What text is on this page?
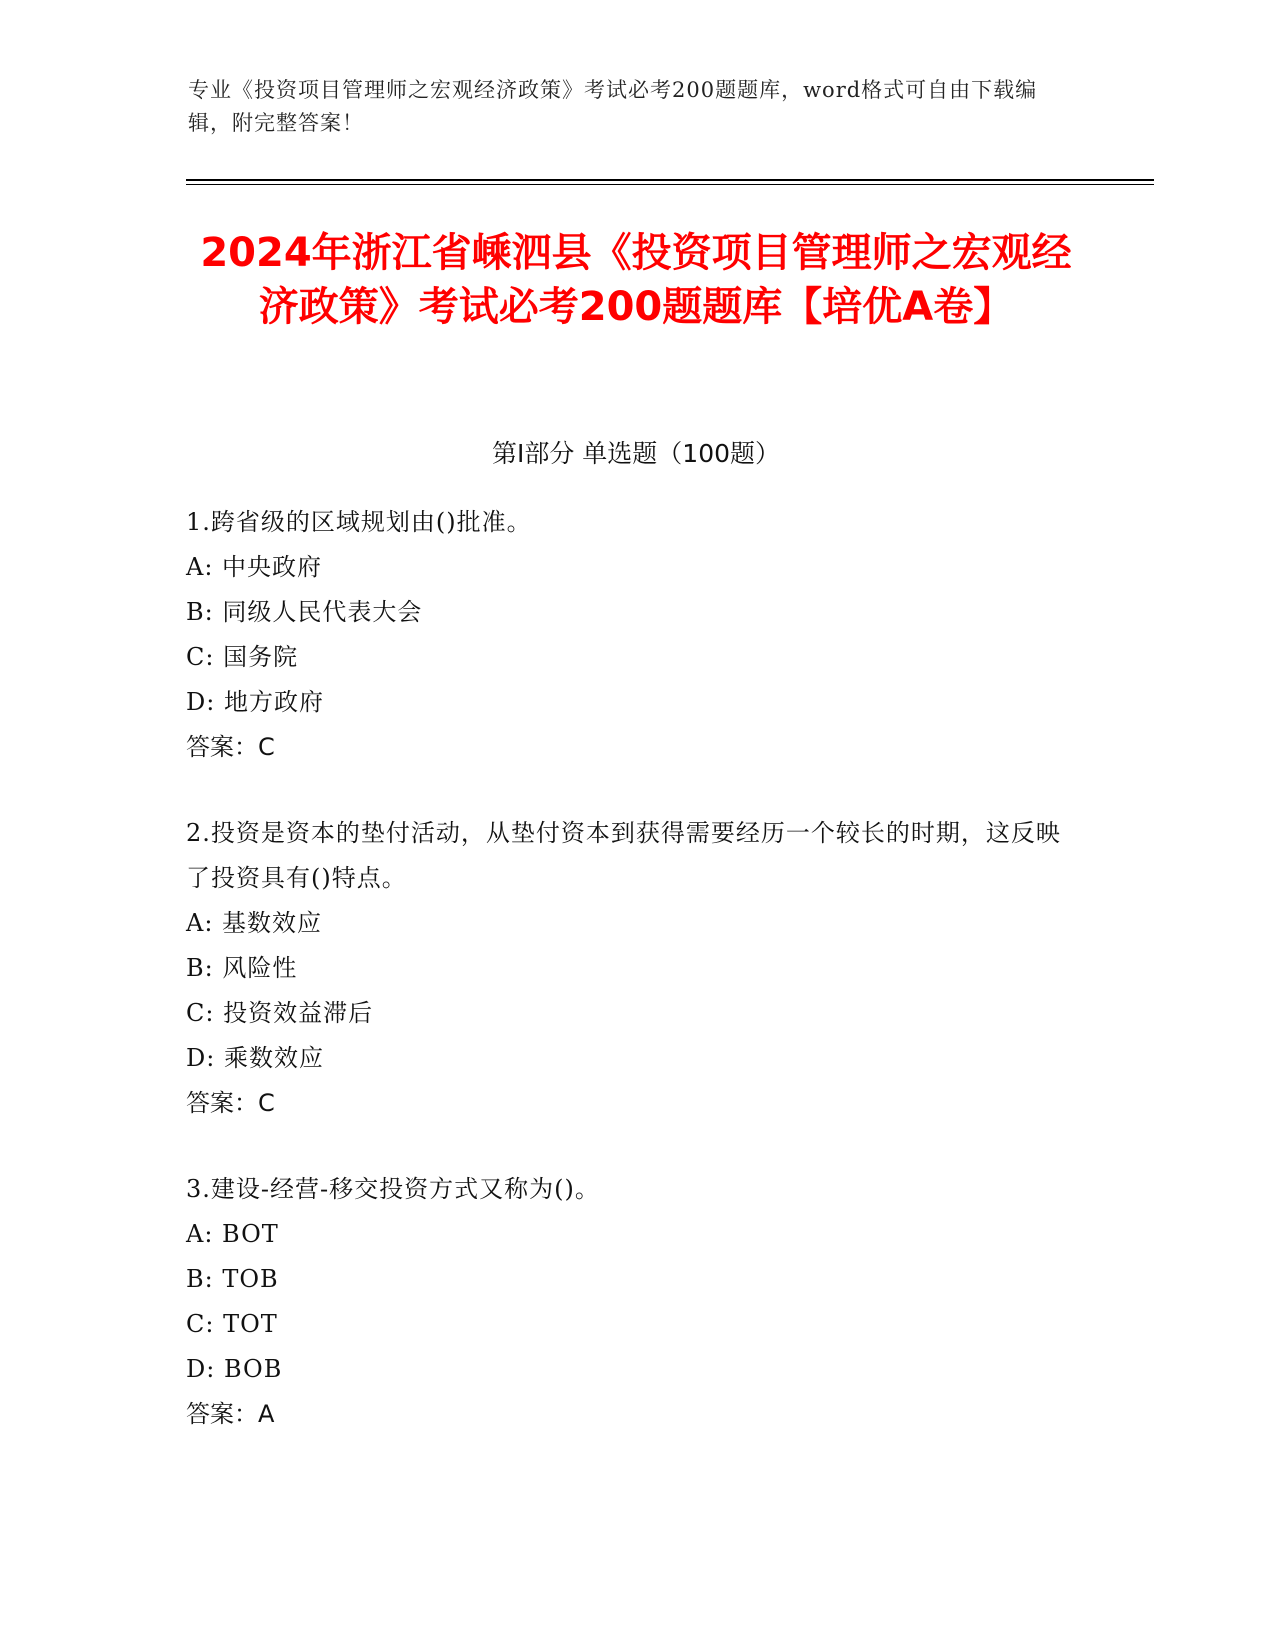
专业《投资项目管理师之宏观经济政策》考试必考200题题库，word格式可自由下载编辑，附完整答案！
2024年浙江省嵊泗县《投资项目管理师之宏观经济政策》考试必考200题题库【培优A卷】
第Ⅰ部分 单选题（100题）

1.跨省级的区域规划由()批准。

A: 中央政府

B: 同级人民代表大会

C: 国务院

D: 地方政府

答案：C

2.投资是资本的垫付活动，从垫付资本到获得需要经历一个较长的时期，这反映了投资具有()特点。

A: 基数效应

B: 风险性

C: 投资效益滞后

D: 乘数效应

答案：C

3.建设-经营-移交投资方式又称为()。

A: BOT

B: TOB

C: TOT

D: BOB

答案：A
